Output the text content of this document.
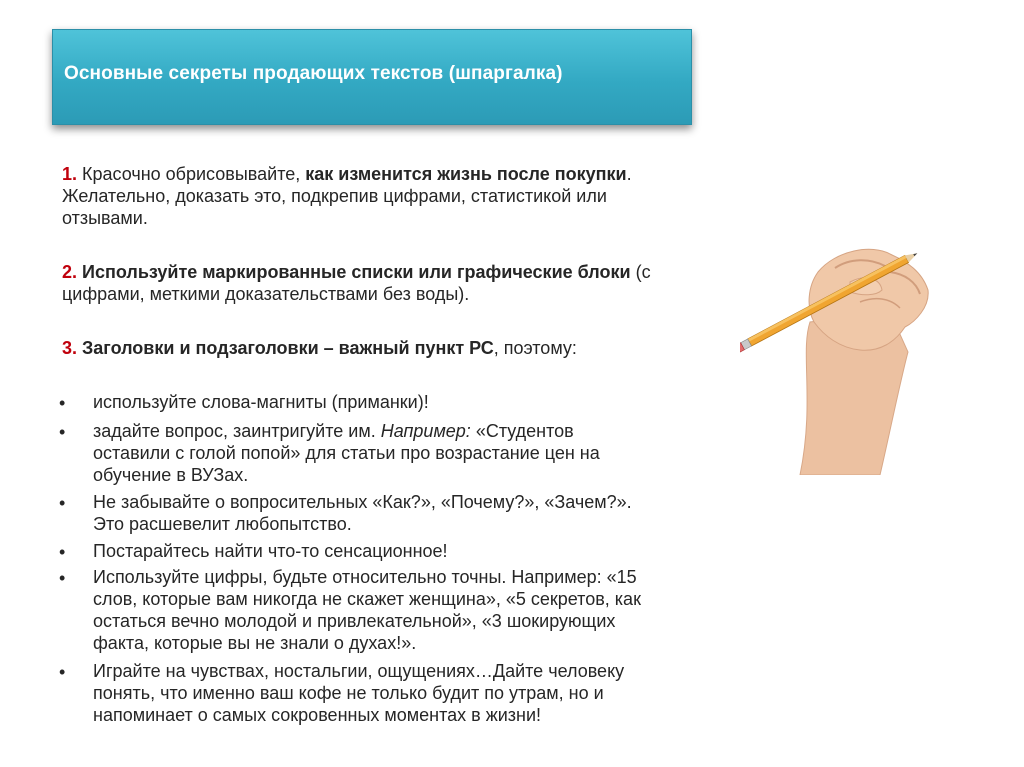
Основные секреты продающих текстов (шпаргалка)
1. Красочно обрисовывайте, как изменится жизнь после покупки.
Желательно, доказать это, подкрепив цифрами, статистикой или
отзывами.
2. Используйте маркированные списки или графические блоки (с
цифрами, меткими доказательствами без воды).
3. Заголовки и подзаголовки – важный пункт РС, поэтому:
• используйте слова-магниты (приманки)!
• задайте вопрос, заинтригуйте им. Например: «Студентов
оставили с голой попой» для статьи про возрастание цен на
обучение в ВУЗах.
• Не забывайте о вопросительных «Как?», «Почему?», «Зачем?».
Это расшевелит любопытство.
• Постарайтесь найти что-то сенсационное!
• Используйте цифры, будьте относительно точны. Например: «15
слов, которые вам никогда не скажет женщина», «5 секретов, как
остаться вечно молодой и привлекательной», «3 шокирующих
факта, которые вы не знали о духах!».
• Играйте на чувствах, ностальгии, ощущениях…Дайте человеку
понять, что именно ваш кофе не только будит по утрам, но и
напоминает о самых сокровенных моментах в жизни!
